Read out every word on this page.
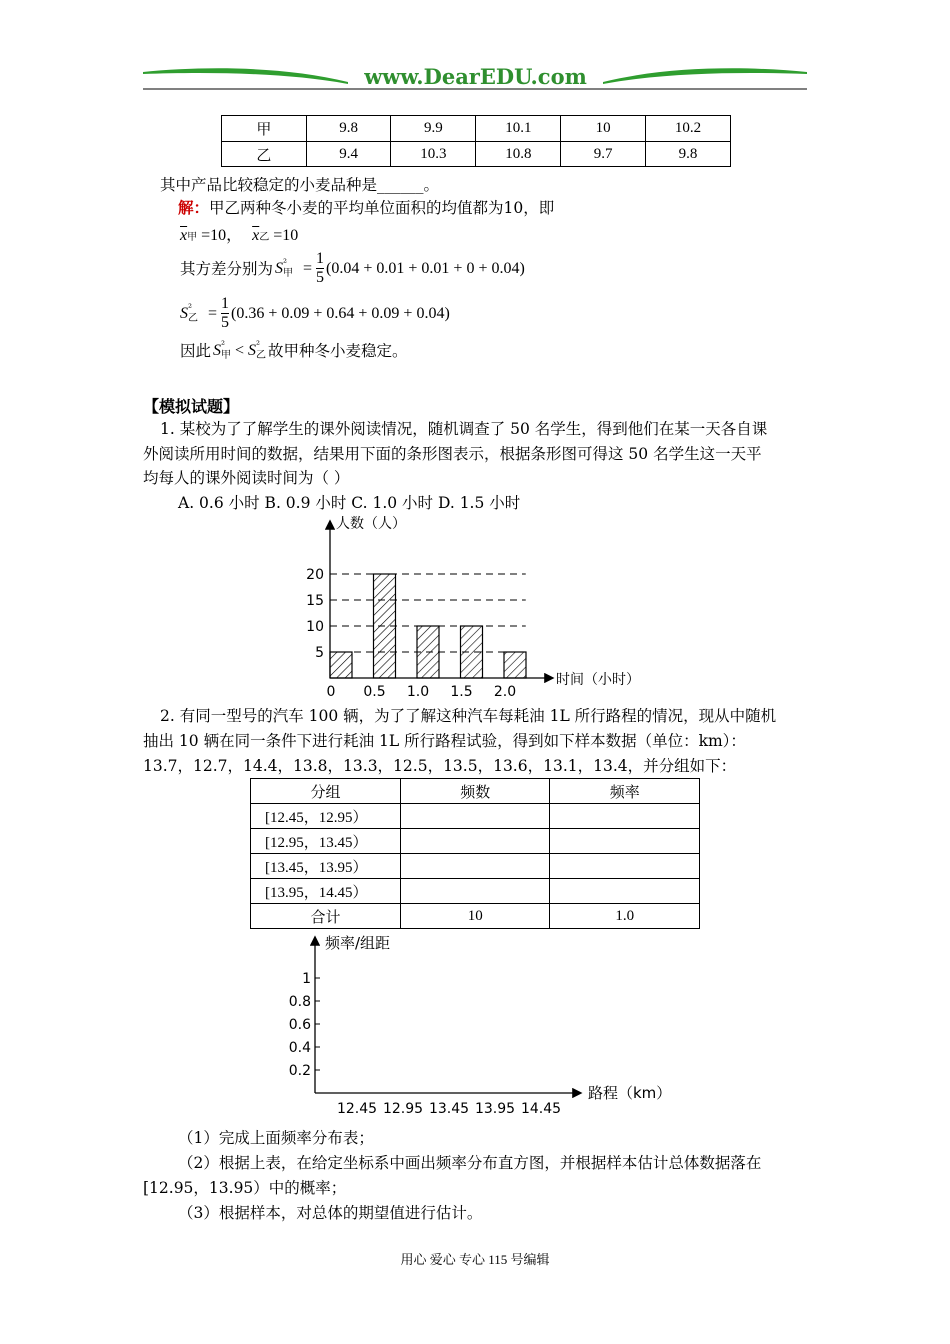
www.DearEDU.com
甲	9.8	9.9	10.1	10	10.2
乙	9.4	10.3	10.8	9.7	9.8
其中产品比较稳定的小麦品种是______。
解：甲乙两种冬小麦的平均单位面积的均值都为10，即
$\overline{x}$甲 =10， $\overline{x}$乙 =10
其方差分别为 S ²
甲 = $\frac{1}{5} (0.04 + 0.01 + 0.01 + 0 + 0.04)$
S ²
乙 = $\frac{1}{5} (0.36 + 0.09 + 0.64 + 0.09 + 0.04)$
因此 S ²
甲 < S ²
乙 故甲种冬小麦稳定。
【模拟试题】
1. 某校为了了解学生的课外阅读情况，随机调查了 50 名学生，得到他们在某一天各自课
外阅读所用时间的数据，结果用下面的条形图表示，根据条形图可得这 50 名学生这一天平
均每人的课外阅读时间为（ ）
A. 0.6 小时 B. 0.9 小时 C. 1.0 小时 D. 1.5 小时
人数（人）
时间（小时）
5
10
15
20
0 0.5 1.0 1.5 2.0
2. 有同一型号的汽车 100 辆，为了了解这种汽车每耗油 1L 所行路程的情况，现从中随机
抽出 10 辆在同一条件下进行耗油 1L 所行路程试验，得到如下样本数据（单位：km）：
13.7，12.7，14.4，13.8，13.3，12.5，13.5，13.6，13.1，13.4，并分组如下：
分组	频数	频率
[12.45，12.95）		
[12.95，13.45）		
[13.45，13.95）		
[13.95，14.45）		
合计	10	1.0
频率/组距
路程（km）
1
0.8
0.6
0.4
0.2
12.45 12.95 13.45 13.95 14.45
（1）完成上面频率分布表；
（2）根据上表，在给定坐标系中画出频率分布直方图，并根据样本估计总体数据落在
[12.95，13.95）中的概率；
（3）根据样本，对总体的期望值进行估计。
用心 爱心 专心 115 号编辑
